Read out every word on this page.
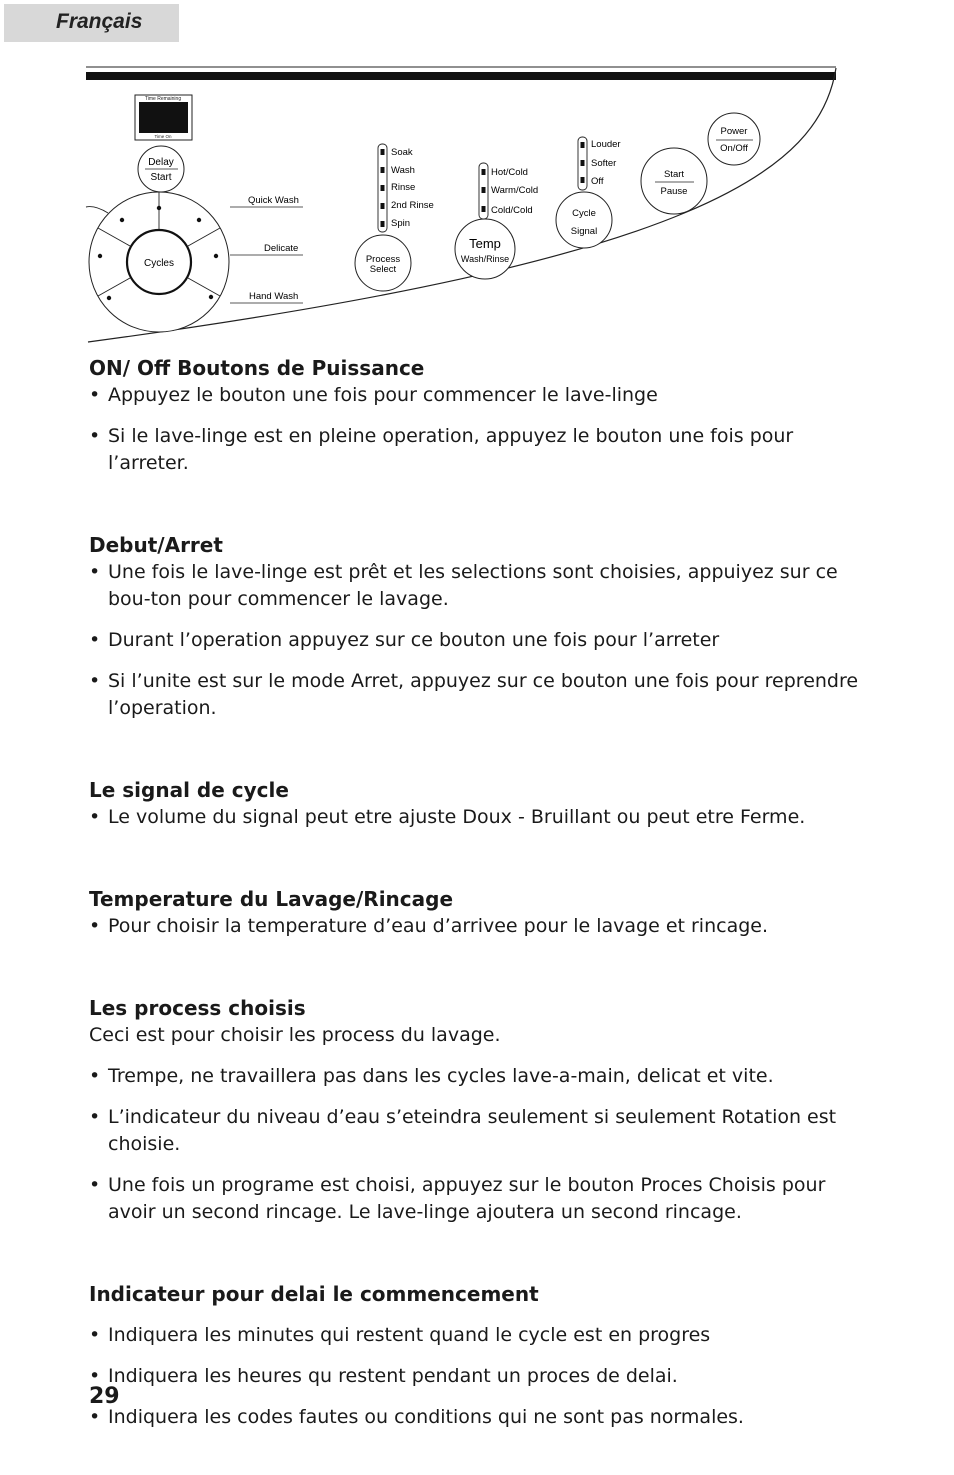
Français
Time Remaining
Time On
Delay
Start
Cycles
Quick Wash
Delicate
Hand Wash
Soak
Wash
Rinse
2nd Rinse
Spin
Process
Select
Hot/Cold
Warm/Cold
Cold/Cold
Temp
Wash/Rinse
Louder
Softer
Off
Cycle
Signal
Start
Pause
Power
On/Off

ON/ Off Boutons de Puissance

• Appuyez le bouton une fois pour commencer le lave-linge

• Si le lave-linge est en pleine operation, appuyez le bouton une fois pour l’arreter.

Debut/Arret

• Une fois le lave-linge est prêt et les selections sont choisies, appuiyez sur ce bou-ton pour commencer le lavage.

• Durant l’operation appuyez sur ce bouton une fois pour l’arreter

• Si l’unite est sur le mode Arret, appuyez sur ce bouton une fois pour reprendre l’operation.

Le signal de cycle

• Le volume du signal peut etre ajuste Doux - Bruillant ou peut etre Ferme.

Temperature du Lavage/Rincage

• Pour choisir la temperature d’eau d’arrivee pour le lavage et rincage.

Les process choisis

Ceci est pour choisir les process du lavage.

• Trempe, ne travaillera pas dans les cycles lave-a-main, delicat et vite.

• L’indicateur du niveau d’eau s’eteindra seulement si seulement Rotation est choisie.

• Une fois un programe est choisi, appuyez sur le bouton Proces Choisis pour avoir un second rincage. Le lave-linge ajoutera un second rincage.

Indicateur pour delai le commencement

• Indiquera les minutes qui restent quand le cycle est en progres

• Indiquera les heures qu restent pendant un proces de delai.

• Indiquera les codes fautes ou conditions qui ne sont pas normales.

29
